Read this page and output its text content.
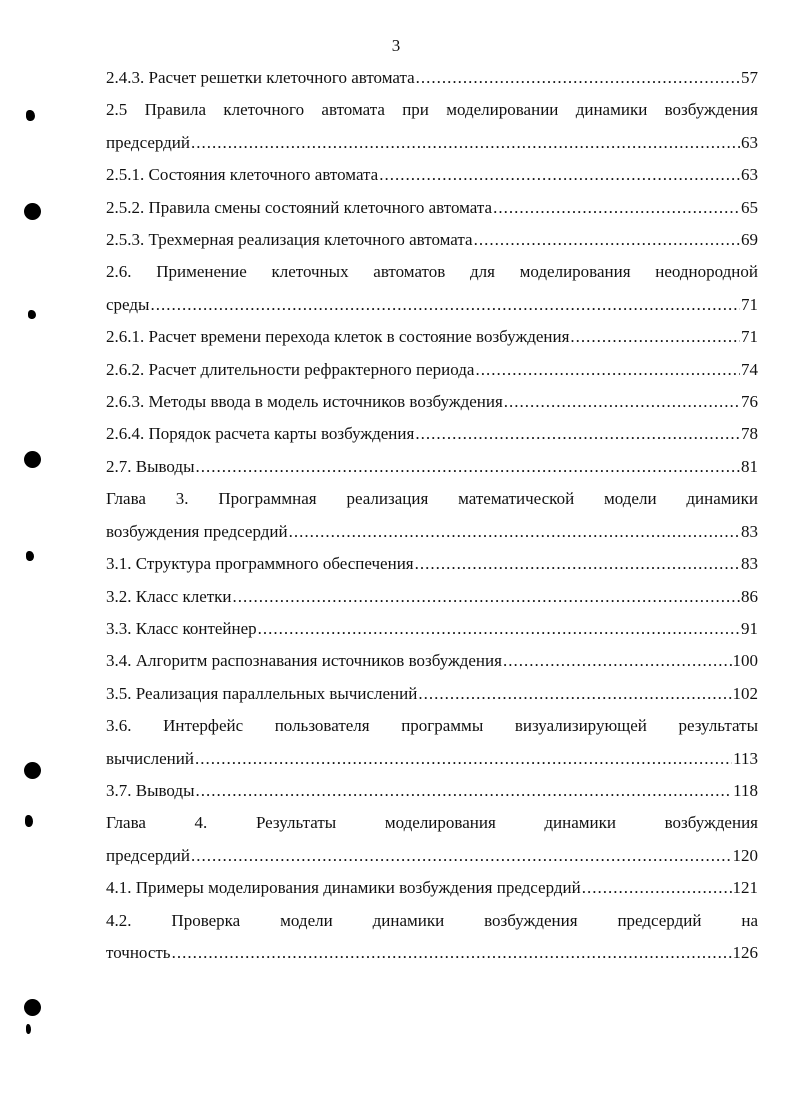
3
2.4.3. Расчет решетки клеточного автомата .....	57
2.5 Правила клеточного автомата при моделировании динамики возбуждения
предсердий .....	63
2.5.1. Состояния клеточного автомата .....	63
2.5.2. Правила смены состояний клеточного автомата .....	65
2.5.3. Трехмерная реализация клеточного автомата .....	69
2.6. Применение клеточных автоматов для моделирования неоднородной
среды .....	71
2.6.1. Расчет времени перехода клеток в состояние возбуждения .....	71
2.6.2. Расчет длительности рефрактерного периода .....	74
2.6.3. Методы ввода в модель источников возбуждения .....	76
2.6.4. Порядок расчета карты возбуждения .....	78
2.7. Выводы .....	81
Глава 3. Программная реализация математической модели динамики
возбуждения предсердий .....	83
3.1. Структура программного обеспечения .....	83
3.2. Класс клетки .....	86
3.3. Класс контейнер .....	91
3.4. Алгоритм распознавания источников возбуждения .....	100
3.5. Реализация параллельных вычислений .....	102
3.6. Интерфейс пользователя программы визуализирующей результаты
вычислений .....	113
3.7. Выводы .....	118
Глава 4. Результаты моделирования динамики возбуждения
предсердий .....	120
4.1. Примеры моделирования динамики возбуждения предсердий .....	121
4.2. Проверка модели динамики возбуждения предсердий на
точность .....	126
